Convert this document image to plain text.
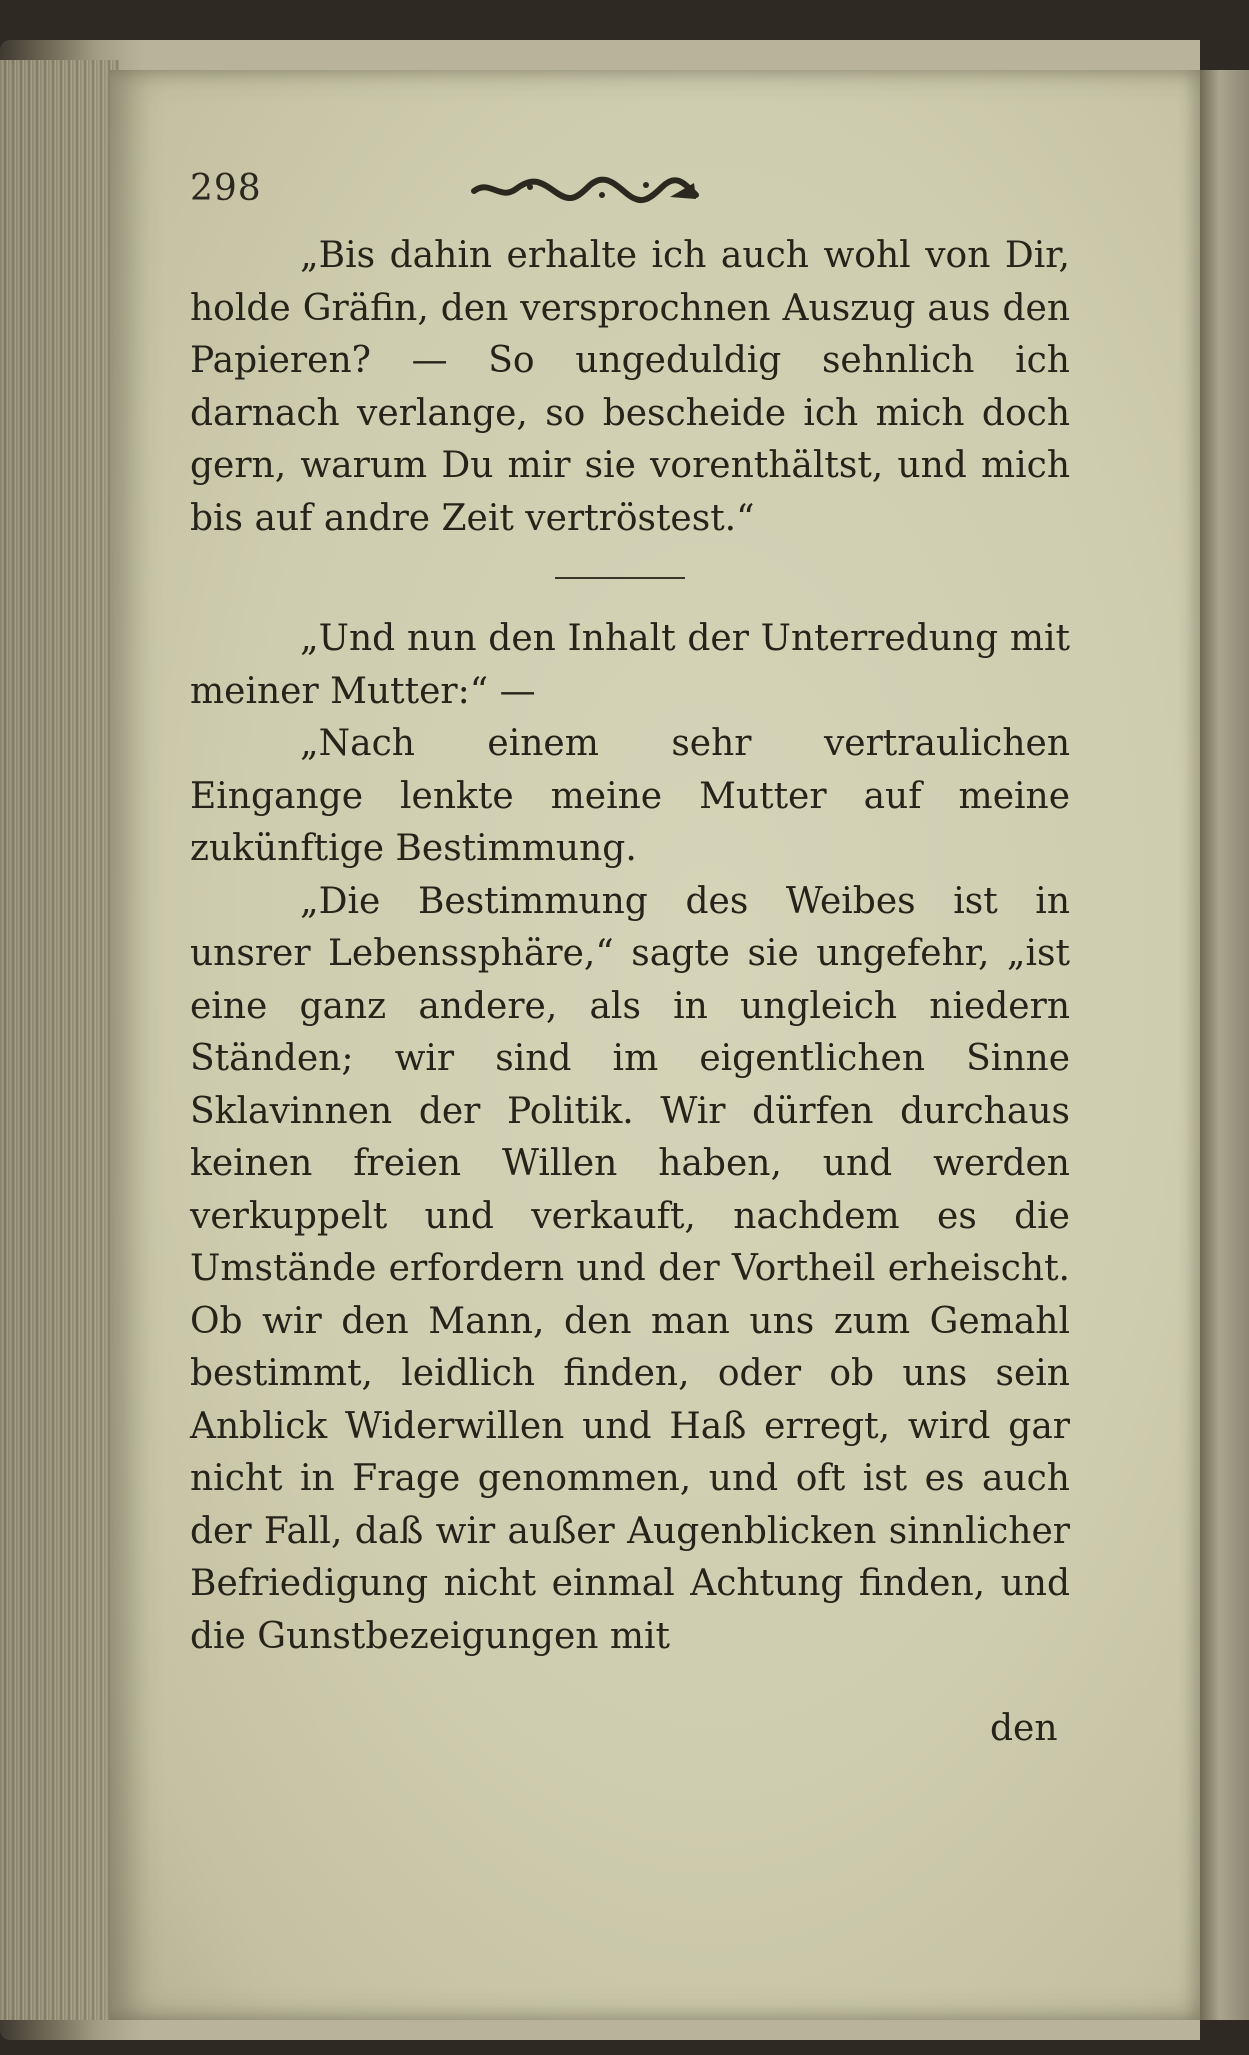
298

„Bis dahin erhalte ich auch wohl von Dir, holde Gräfin, den versprochnen Auszug aus den Papieren? — So ungeduldig sehnlich ich darnach verlange, so bescheide ich mich doch gern, warum Du mir sie vorenthältst, und mich bis auf andre Zeit vertröstest.“

„Und nun den Inhalt der Unterredung mit meiner Mutter:“ —

„Nach einem sehr vertraulichen Eingange lenkte meine Mutter auf meine zukünftige Bestimmung.

„Die Bestimmung des Weibes ist in unsrer Lebenssphäre,“ sagte sie ungefehr, „ist eine ganz andere, als in ungleich niedern Ständen; wir sind im eigentlichen Sinne Sklavinnen der Politik. Wir dürfen durchaus keinen freien Willen haben, und werden verkuppelt und verkauft, nachdem es die Umstände erfordern und der Vortheil erheischt. Ob wir den Mann, den man uns zum Gemahl bestimmt, leidlich finden, oder ob uns sein Anblick Widerwillen und Haß erregt, wird gar nicht in Frage genommen, und oft ist es auch der Fall, daß wir außer Augenblicken sinnlicher Befriedigung nicht einmal Achtung finden, und die Gunstbezeigungen mit

den
